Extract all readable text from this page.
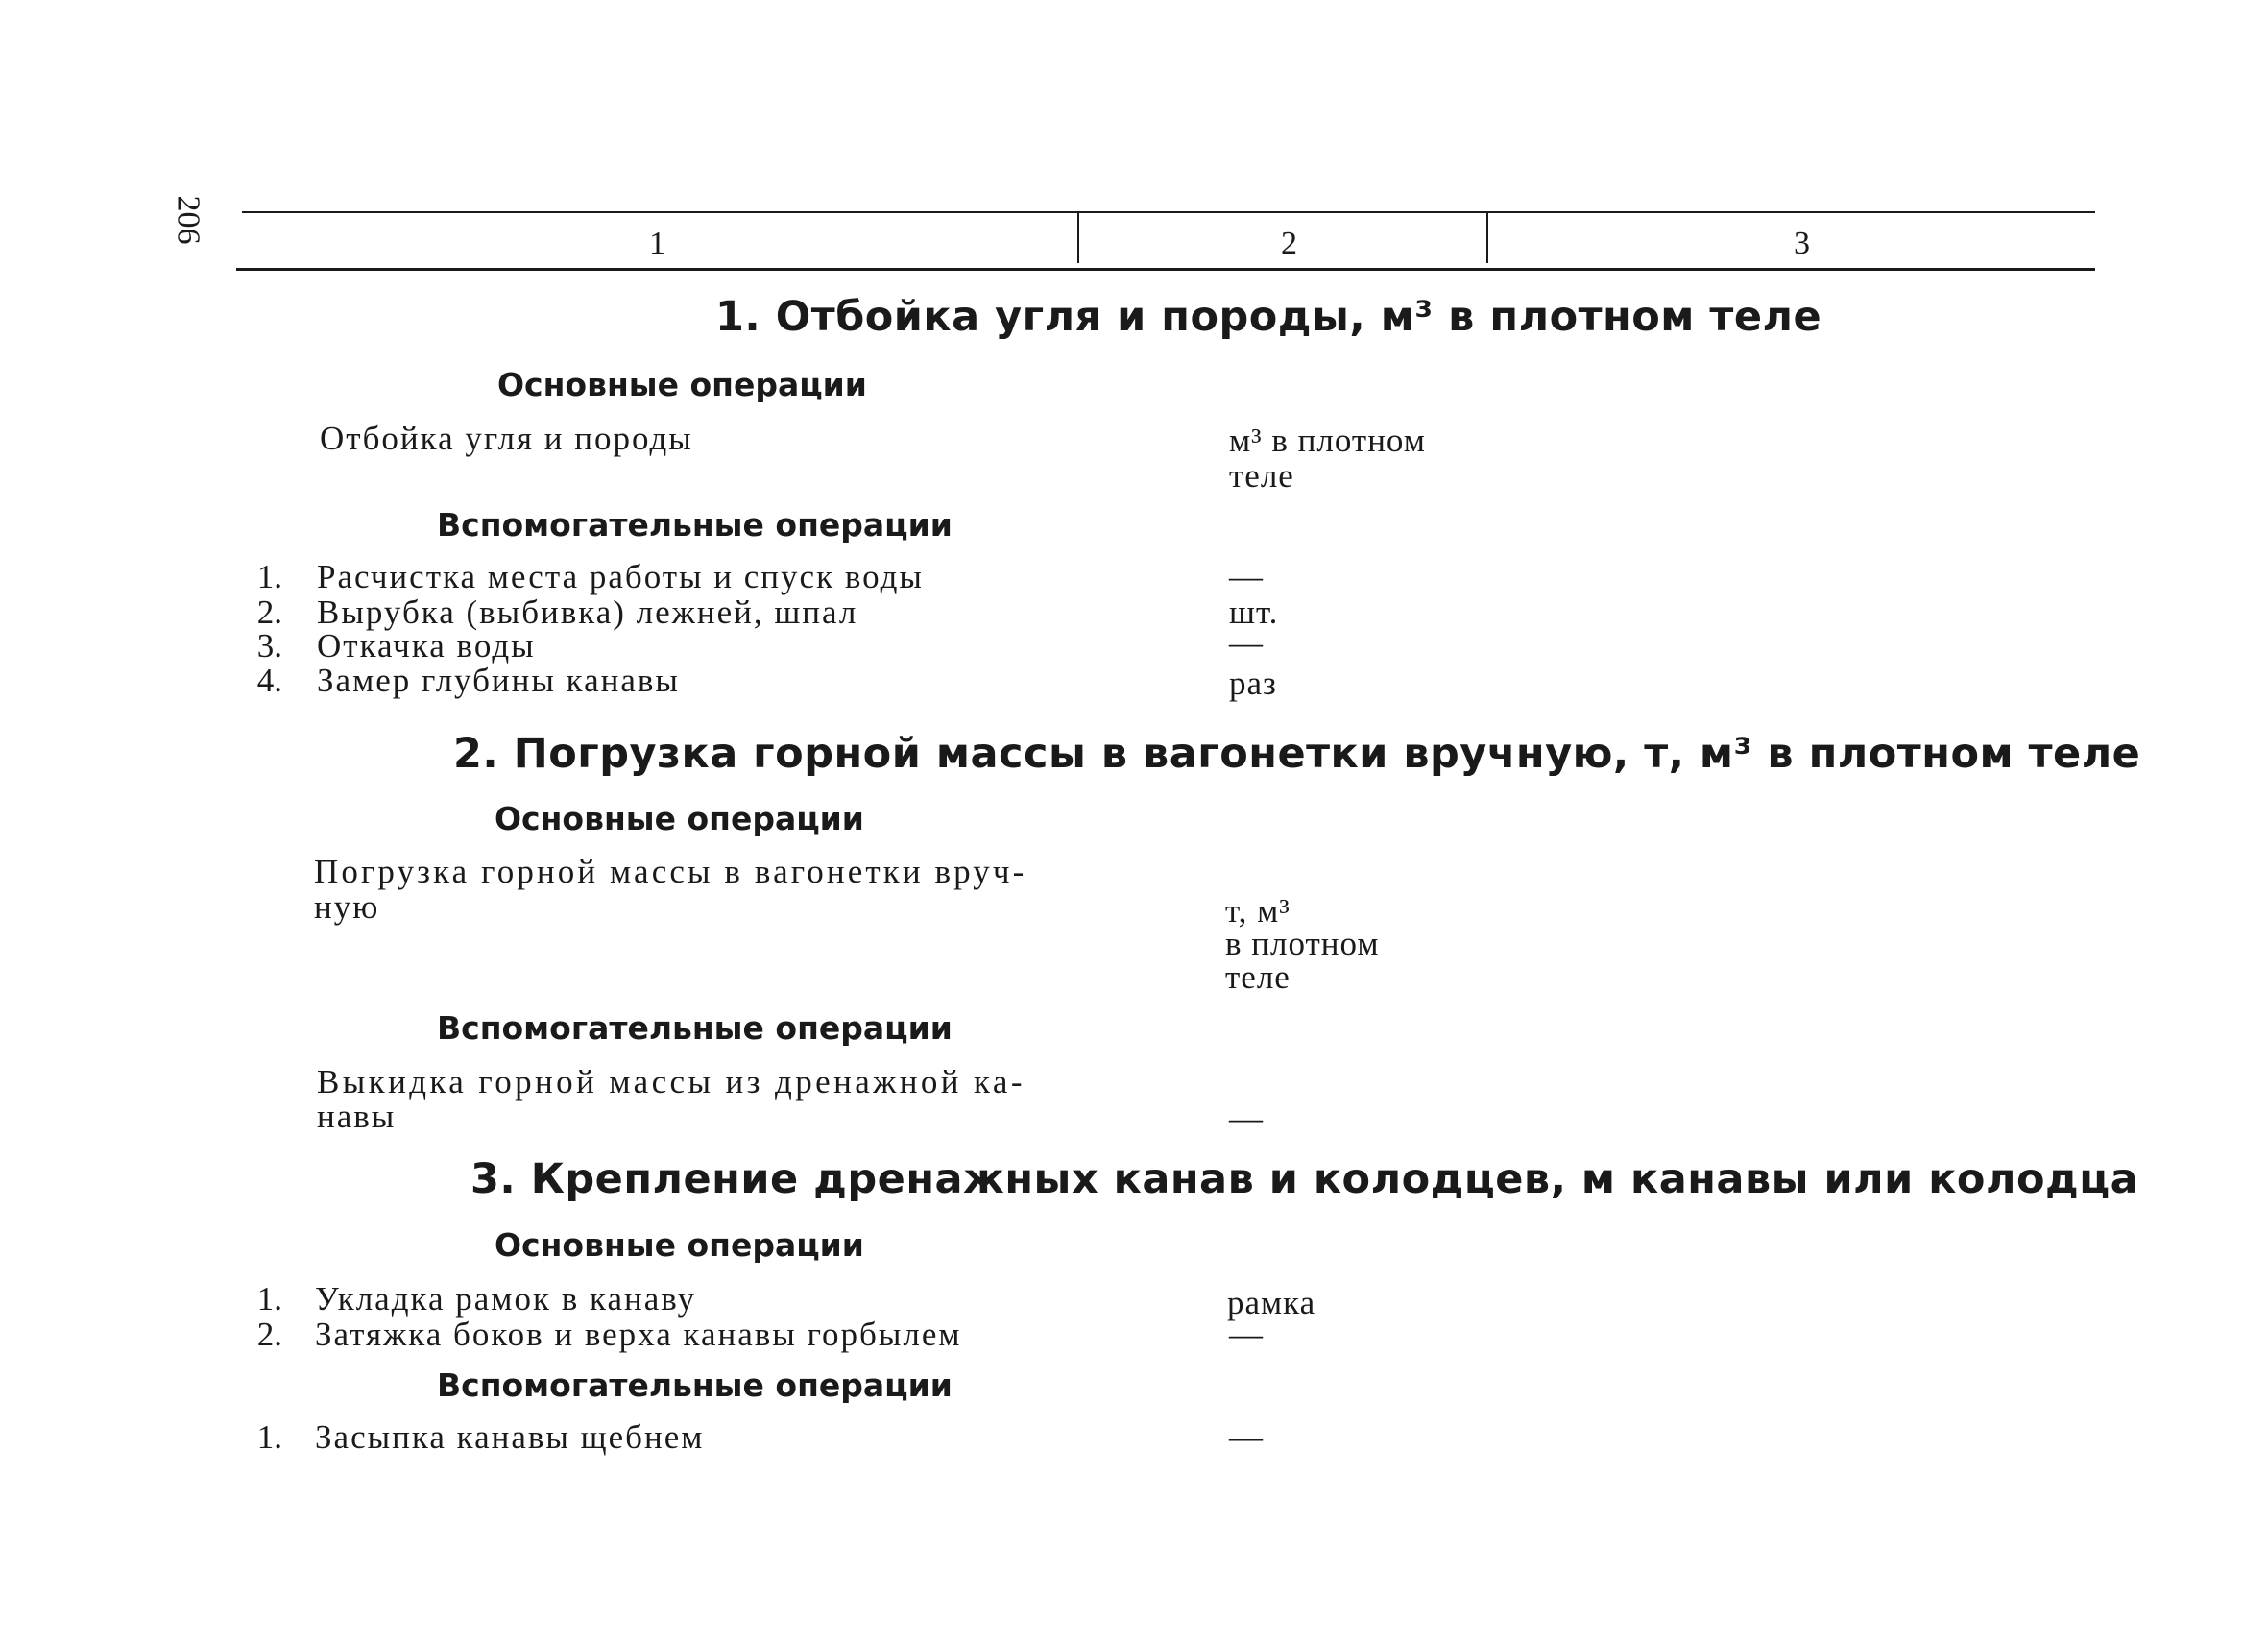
206	1	2	3
1. Отбойка угля и породы, м³ в плотном теле
Основные операции
Отбойка угля и породы	м³ в плотном
теле
Вспомогательные операции
1. Расчистка места работы и спуск воды	—
2. Вырубка (выбивка) лежней, шпал	шт.
3. Откачка воды	—
4. Замер глубины канавы	раз
2. Погрузка горной массы в вагонетки вручную, т, м³ в плотном теле
Основные операции
Погрузка горной массы в вагонетки вруч-
ную	т, м³
в плотном
теле
Вспомогательные операции
Выкидка горной массы из дренажной ка-
навы	—
3. Крепление дренажных канав и колодцев, м канавы или колодца
Основные операции
1. Укладка рамок в канаву	рамка
2. Затяжка боков и верха канавы горбылем	—
Вспомогательные операции
1. Засыпка канавы щебнем	—
